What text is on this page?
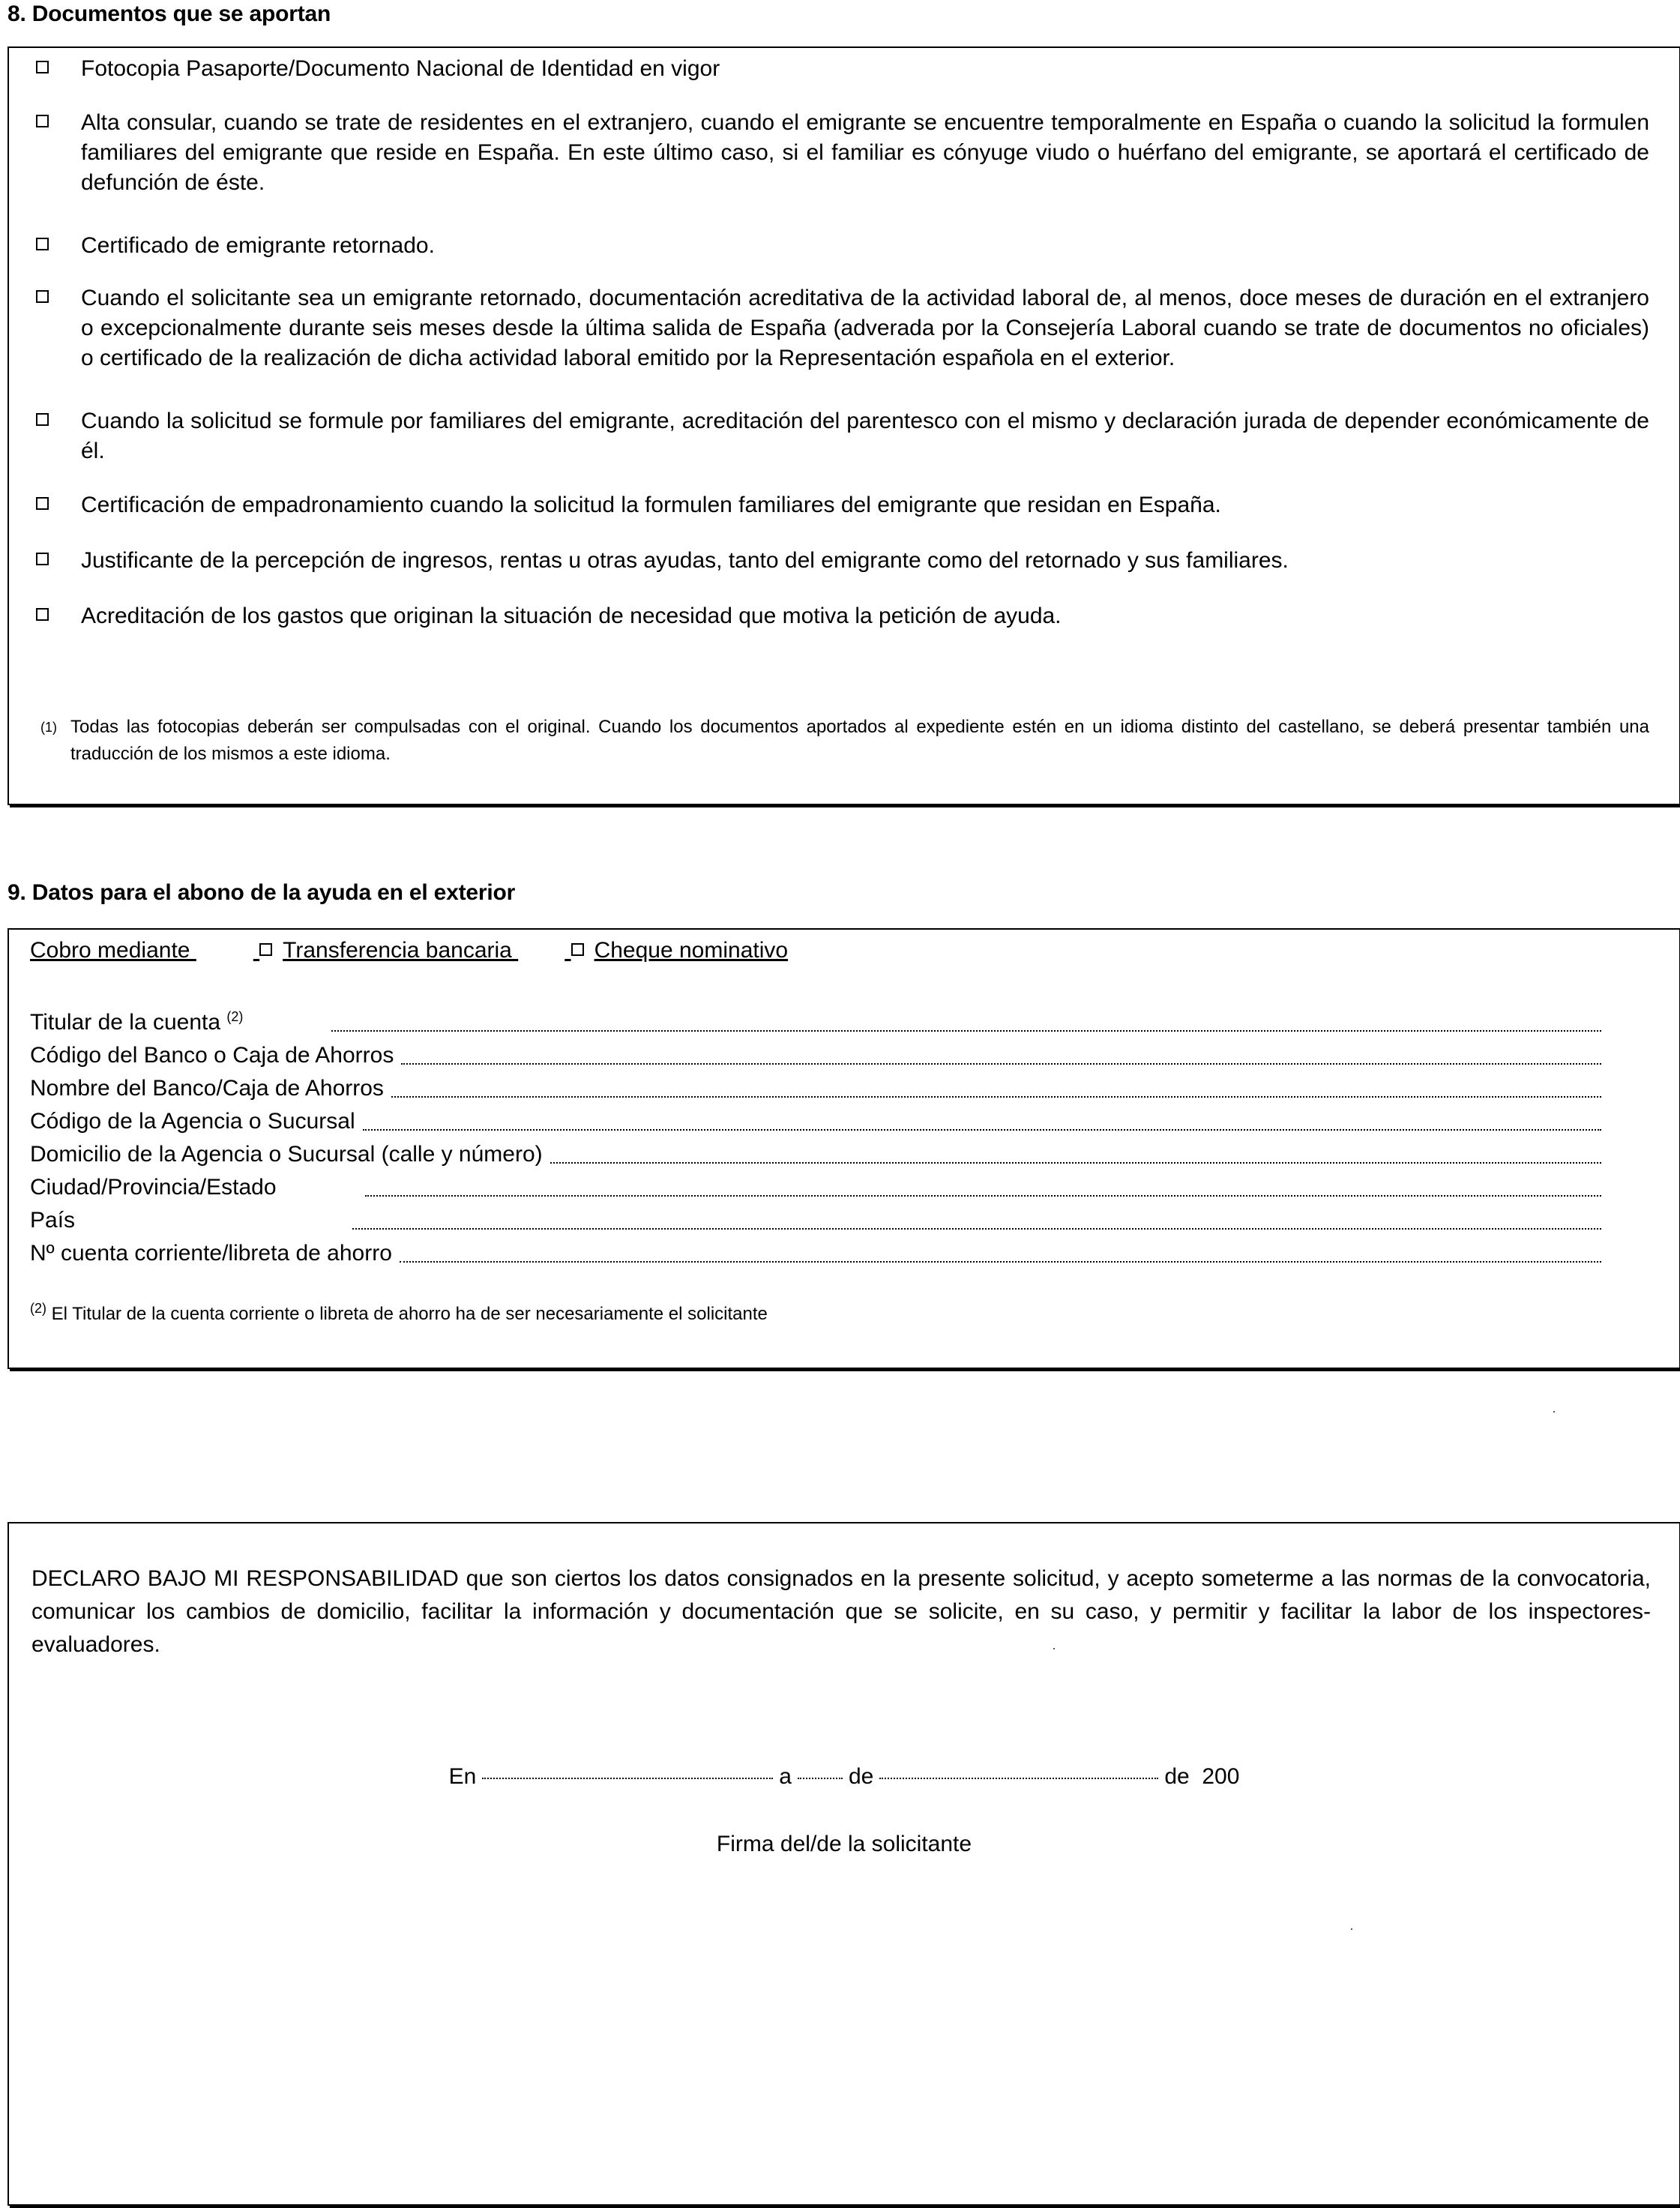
8. Documentos que se aportan
Fotocopia Pasaporte/Documento Nacional de Identidad en vigor
Alta consular, cuando se trate de residentes en el extranjero, cuando el emigrante se encuentre temporalmente en España o cuando la solicitud la formulen familiares del emigrante que reside en España. En este último caso, si el familiar es cónyuge viudo o huérfano del emigrante, se aportará el certificado de defunción de éste.
Certificado de emigrante retornado.
Cuando el solicitante sea un emigrante retornado, documentación acreditativa de la actividad laboral de, al menos, doce meses de duración en el extranjero o excepcionalmente durante seis meses desde la última salida de España (adverada por la Consejería Laboral cuando se trate de documentos no oficiales) o certificado de la realización de dicha actividad laboral emitido por la Representación española en el exterior.
Cuando la solicitud se formule por familiares del emigrante, acreditación del parentesco con el mismo y declaración jurada de depender económicamente de él.
Certificación de empadronamiento cuando la solicitud la formulen familiares del emigrante que residan en España.
Justificante de la percepción de ingresos, rentas u otras ayudas, tanto del emigrante como del retornado y sus familiares.
Acreditación de los gastos que originan la situación de necesidad que motiva la petición de ayuda.
(1) Todas las fotocopias deberán ser compulsadas con el original. Cuando los documentos aportados al expediente estén en un idioma distinto del castellano, se deberá presentar también una traducción de los mismos a este idioma.
9. Datos para el abono de la ayuda en el exterior
Cobro mediante	Transferencia bancaria	Cheque nominativo
Titular de la cuenta $^{(2)}$
Código del Banco o Caja de Ahorros
Nombre del Banco/Caja de Ahorros
Código de la Agencia o Sucursal
Domicilio de la Agencia o Sucursal (calle y número)
Ciudad/Provincia/Estado
País
Nº cuenta corriente/libreta de ahorro
$^{(2)}$ El Titular de la cuenta corriente o libreta de ahorro ha de ser necesariamente el solicitante
DECLARO BAJO MI RESPONSABILIDAD que son ciertos los datos consignados en la presente solicitud, y acepto someterme a las normas de la convocatoria, comunicar los cambios de domicilio, facilitar la información y documentación que se solicite, en su caso, y permitir y facilitar la labor de los inspectores-evaluadores.
En	a	de	de 200
Firma del/de la solicitante
